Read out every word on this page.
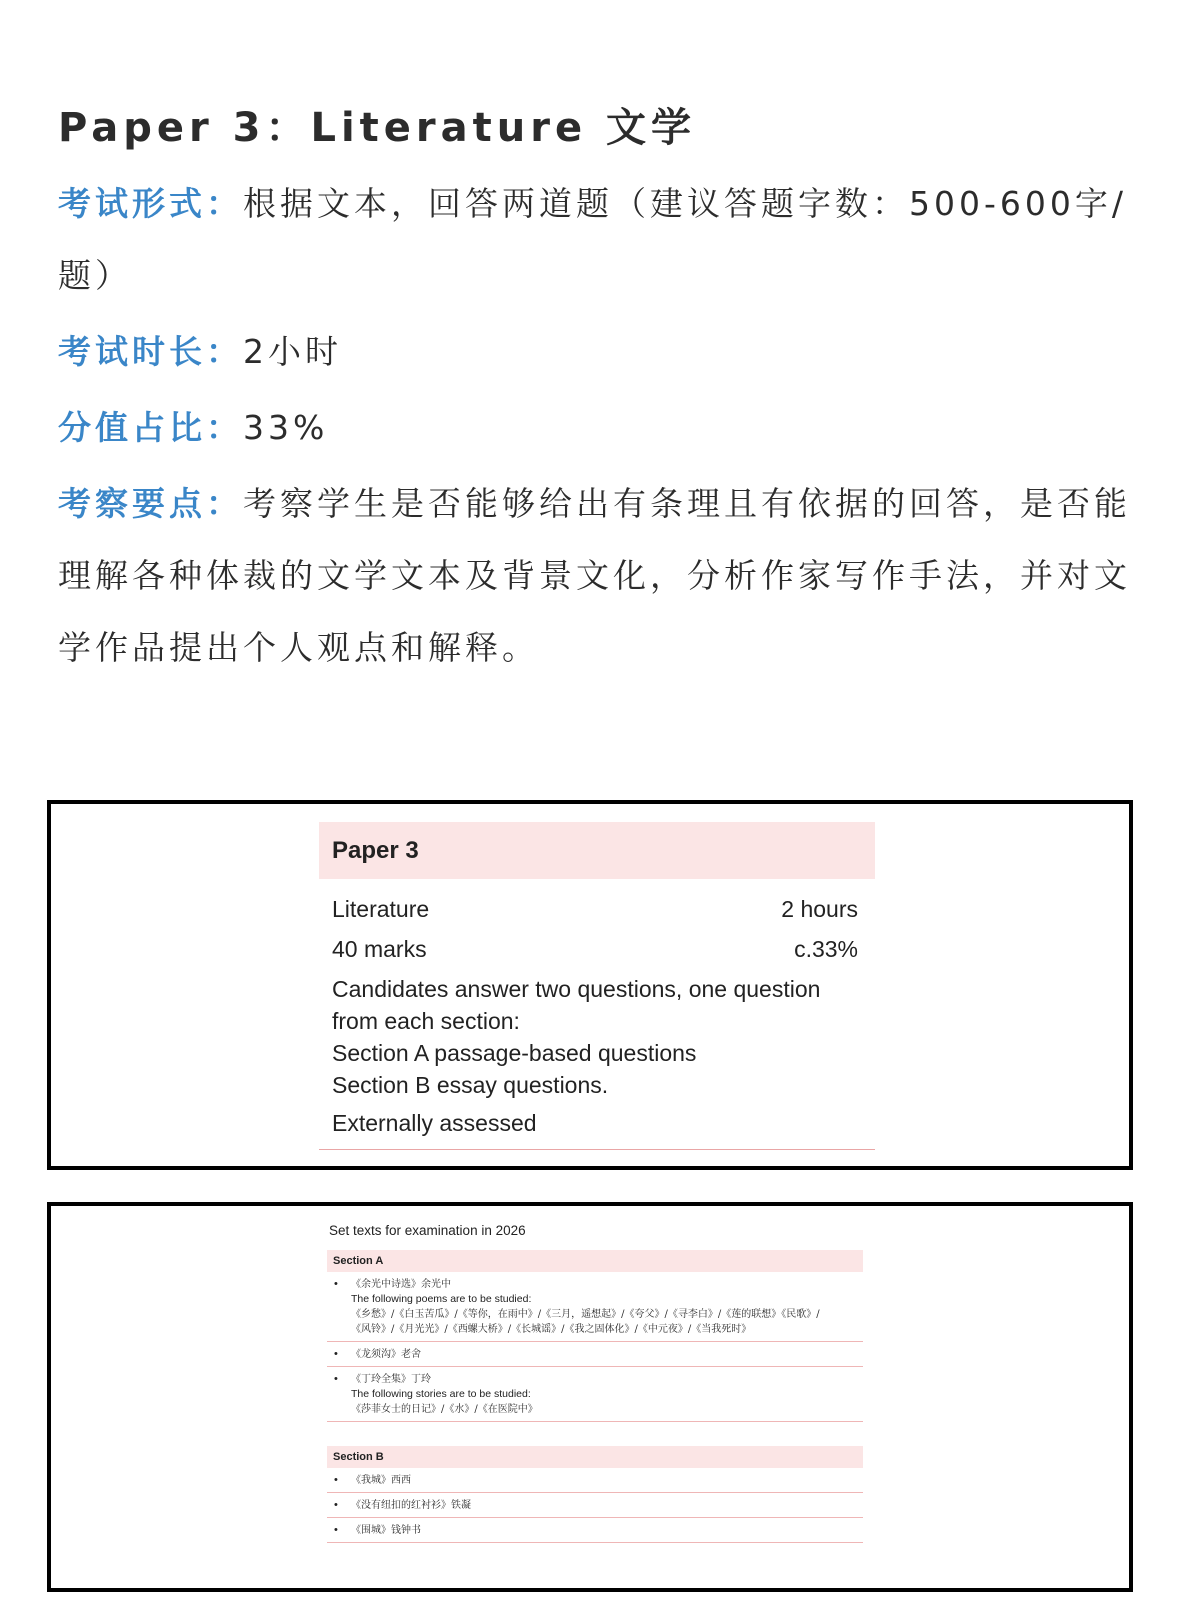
Paper 3：Literature 文学

考试形式：根据文本，回答两道题（建议答题字数：500-600字/题）

考试时长：2小时

分值占比：33%

考察要点：考察学生是否能够给出有条理且有依据的回答，是否能理解各种体裁的文学文本及背景文化，分析作家写作手法，并对文学作品提出个人观点和解释。

Paper 3
Literature	2 hours
40 marks	c.33%
Candidates answer two questions, one question
from each section:
Section A passage-based questions
Section B essay questions.
Externally assessed
Set texts for examination in 2026
Section A
• 《余光中诗选》余光中
The following poems are to be studied:
《乡愁》/《白玉苦瓜》/《等你，在雨中》/《三月，遥想起》/《夸父》/《寻李白》/《莲的联想》《民歌》/
《风铃》/《月光光》/《西螺大桥》/《长城谣》/《我之固体化》/《中元夜》/《当我死时》
• 《龙须沟》老舍
• 《丁玲全集》丁玲
The following stories are to be studied:
《莎菲女士的日记》/《水》/《在医院中》
Section B
• 《我城》西西
• 《没有纽扣的红衬衫》铁凝
• 《围城》钱钟书
